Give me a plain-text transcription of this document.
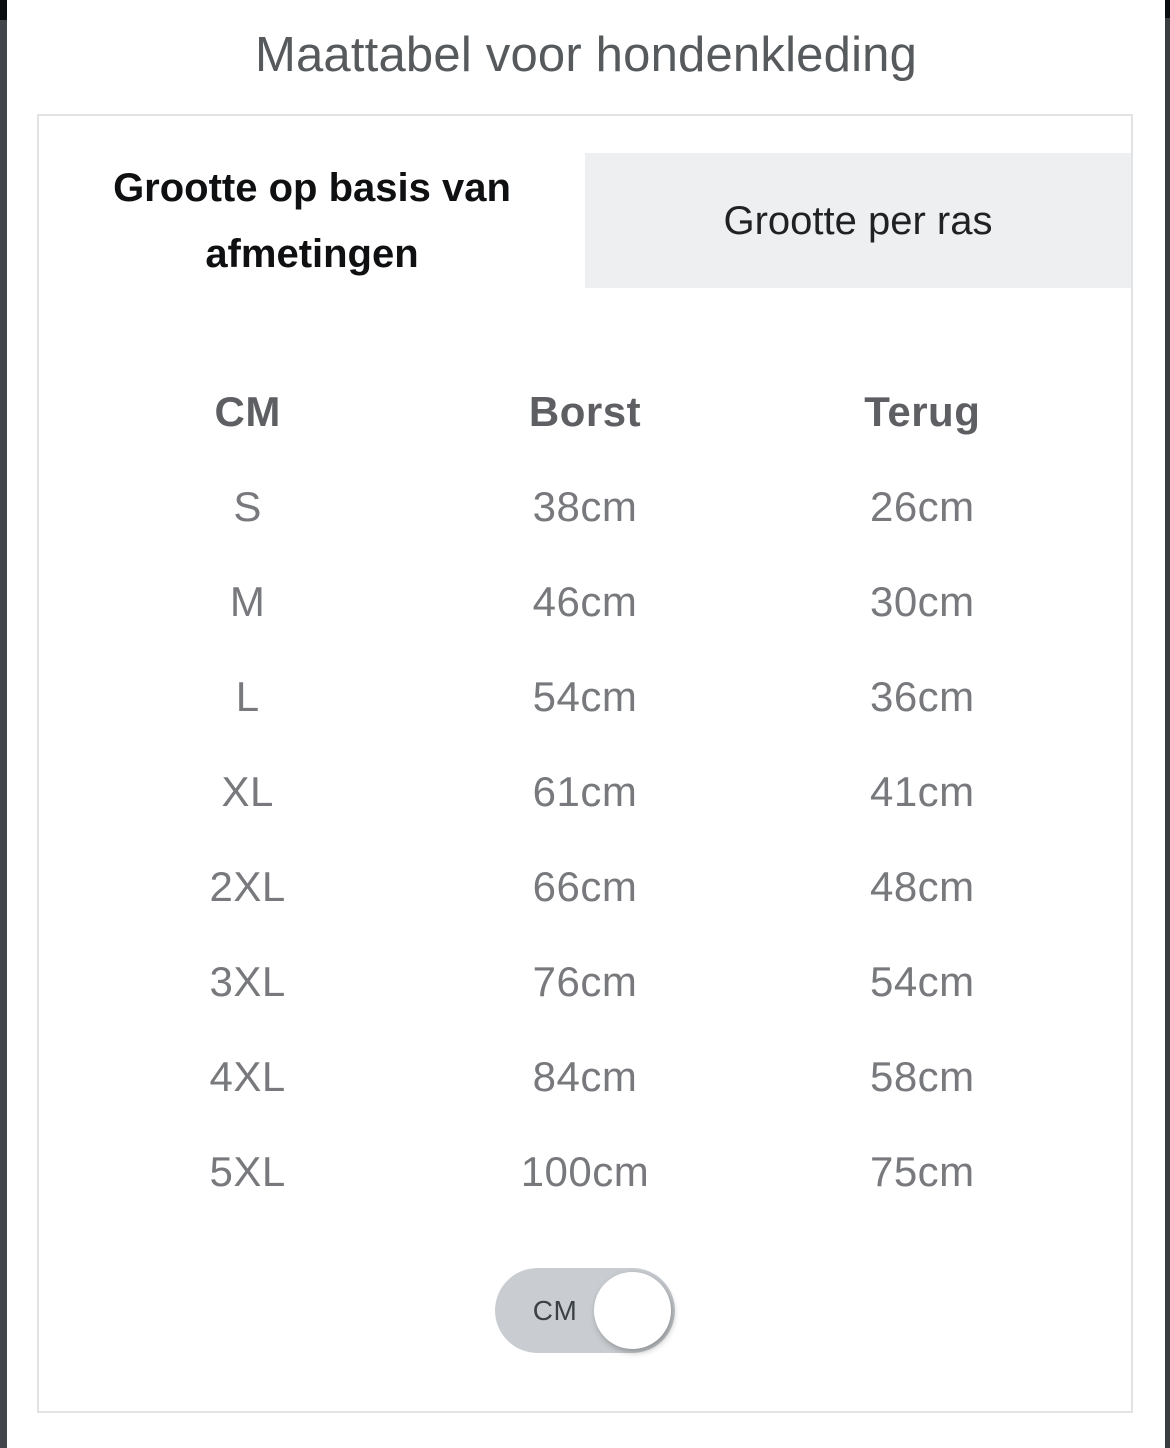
Maattabel voor hondenkleding
Grootte op basis van afmetingen
Grootte per ras
CM	Borst	Terug
S	38cm	26cm
M	46cm	30cm
L	54cm	36cm
XL	61cm	41cm
2XL	66cm	48cm
3XL	76cm	54cm
4XL	84cm	58cm
5XL	100cm	75cm
CM
